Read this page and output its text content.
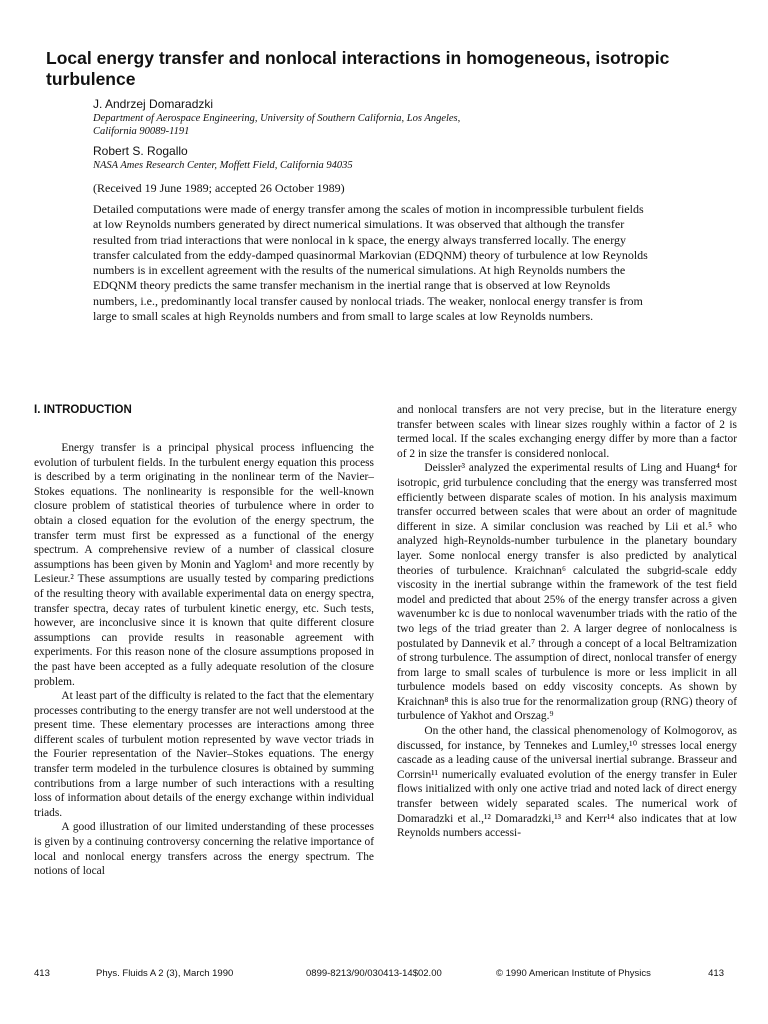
Local energy transfer and nonlocal interactions in homogeneous, isotropic turbulence
J. Andrzej Domaradzki
Department of Aerospace Engineering, University of Southern California, Los Angeles,
California 90089-1191
Robert S. Rogallo
NASA Ames Research Center, Moffett Field, California 94035
(Received 19 June 1989; accepted 26 October 1989)

Detailed computations were made of energy transfer among the scales of motion in incompressible turbulent fields at low Reynolds numbers generated by direct numerical simulations. It was observed that although the transfer resulted from triad interactions that were nonlocal in k space, the energy always transferred locally. The energy transfer calculated from the eddy-damped quasinormal Markovian (EDQNM) theory of turbulence at low Reynolds numbers is in excellent agreement with the results of the numerical simulations. At high Reynolds numbers the EDQNM theory predicts the same transfer mechanism in the inertial range that is observed at low Reynolds numbers, i.e., predominantly local transfer caused by nonlocal triads. The weaker, nonlocal energy transfer is from large to small scales at high Reynolds numbers and from small to large scales at low Reynolds numbers.

I. INTRODUCTION

Energy transfer is a principal physical process influencing the evolution of turbulent fields. In the turbulent energy equation this process is described by a term originating in the nonlinear term of the Navier–Stokes equations. The nonlinearity is responsible for the well-known closure problem of statistical theories of turbulence where in order to obtain a closed equation for the evolution of the energy spectrum, the transfer term must first be expressed as a functional of the energy spectrum. A comprehensive review of a number of classical closure assumptions has been given by Monin and Yaglom¹ and more recently by Lesieur.² These assumptions are usually tested by comparing predictions of the resulting theory with available experimental data on energy spectra, transfer spectra, decay rates of turbulent kinetic energy, etc. Such tests, however, are inconclusive since it is known that quite different closure assumptions can provide results in reasonable agreement with experiments. For this reason none of the closure assumptions proposed in the past have been accepted as a fully adequate resolution of the closure problem.

At least part of the difficulty is related to the fact that the elementary processes contributing to the energy transfer are not well understood at the present time. These elementary processes are interactions among three different scales of turbulent motion represented by wave vector triads in the Fourier representation of the Navier–Stokes equations. The energy transfer term modeled in the turbulence closures is obtained by summing contributions from a large number of such interactions with a resulting loss of information about details of the energy exchange within individual triads.

A good illustration of our limited understanding of these processes is given by a continuing controversy concerning the relative importance of local and nonlocal energy transfers across the energy spectrum. The notions of local

and nonlocal transfers are not very precise, but in the literature energy transfer between scales with linear sizes roughly within a factor of 2 is termed local. If the scales exchanging energy differ by more than a factor of 2 in size the transfer is considered nonlocal.

Deissler³ analyzed the experimental results of Ling and Huang⁴ for isotropic, grid turbulence concluding that the energy was transferred most efficiently between disparate scales of motion. In his analysis maximum transfer occurred between scales that were about an order of magnitude different in size. A similar conclusion was reached by Lii et al.⁵ who analyzed high-Reynolds-number turbulence in the planetary boundary layer. Some nonlocal energy transfer is also predicted by analytical theories of turbulence. Kraichnan⁶ calculated the subgrid-scale eddy viscosity in the inertial subrange within the framework of the test field model and predicted that about 25% of the energy transfer across a given wavenumber kc is due to nonlocal wavenumber triads with the ratio of the two legs of the triad greater than 2. A larger degree of nonlocalness is postulated by Dannevik et al.⁷ through a concept of a local Beltramization of strong turbulence. The assumption of direct, nonlocal transfer of energy from large to small scales of turbulence is more or less implicit in all turbulence models based on eddy viscosity concepts. As shown by Kraichnan⁸ this is also true for the renormalization group (RNG) theory of turbulence of Yakhot and Orszag.⁹

On the other hand, the classical phenomenology of Kolmogorov, as discussed, for instance, by Tennekes and Lumley,¹⁰ stresses local energy cascade as a leading cause of the universal inertial subrange. Brasseur and Corrsin¹¹ numerically evaluated evolution of the energy transfer in Euler flows initialized with only one active triad and noted lack of direct energy transfer between widely separated scales. The numerical work of Domaradzki et al.,¹² Domaradzki,¹³ and Kerr¹⁴ also indicates that at low Reynolds numbers accessi-

413	Phys. Fluids A 2 (3), March 1990	0899-8213/90/030413-14$02.00	© 1990 American Institute of Physics	413
